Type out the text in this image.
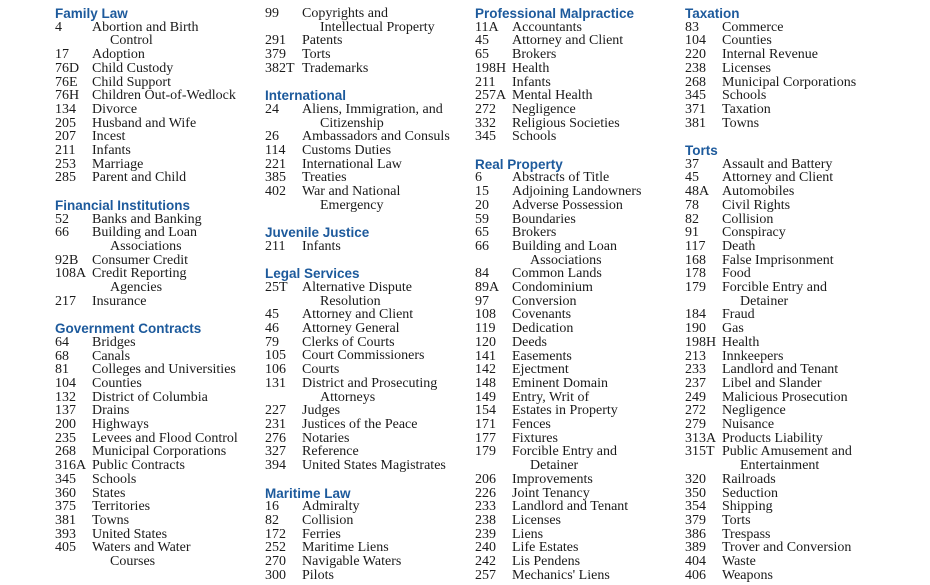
Family Law
4	Abortion and Birth
Control
17	Adoption
76D Child Custody
76E	Child Support
76H Children Out-of-Wedlock
134	Divorce
205	Husband and Wife
207	Incest
211	Infants
253	Marriage
285	Parent and Child
Financial Institutions
52	Banks and Banking
66	Building and Loan
Associations
92B Consumer Credit
108A Credit Reporting
Agencies
217	Insurance
Government Contracts
64	Bridges
68	Canals
81	Colleges and Universities
104	Counties
132	District of Columbia
137	Drains
200	Highways
235	Levees and Flood Control
268	Municipal Corporations
316A Public Contracts
345	Schools
360	States
375	Territories
381	Towns
393	United States
405	Waters and Water
Courses
99	Copyrights and
Intellectual Property
291	Patents
379	Torts
382T Trademarks
International
24	Aliens, Immigration, and
Citizenship
26	Ambassadors and Consuls
114	Customs Duties
221	International Law
385	Treaties
402	War and National
Emergency
Juvenile Justice
211	Infants
Legal Services
25T	Alternative Dispute
Resolution
45	Attorney and Client
46	Attorney General
79	Clerks of Courts
105	Court Commissioners
106	Courts
131	District and Prosecuting
Attorneys
227	Judges
231	Justices of the Peace
276	Notaries
327	Reference
394	United States Magistrates
Maritime Law
16	Admiralty
82	Collision
172	Ferries
252	Maritime Liens
270	Navigable Waters
300	Pilots
Professional Malpractice
11A Accountants
45	Attorney and Client
65	Brokers
198H Health
211	Infants
257A Mental Health
272	Negligence
332	Religious Societies
345	Schools
Real Property
6	Abstracts of Title
15	Adjoining Landowners
20	Adverse Possession
59	Boundaries
65	Brokers
66	Building and Loan
Associations
84	Common Lands
89A Condominium
97	Conversion
108	Covenants
119	Dedication
120	Deeds
141	Easements
142	Ejectment
148	Eminent Domain
149	Entry, Writ of
154	Estates in Property
171	Fences
177	Fixtures
179	Forcible Entry and
Detainer
206	Improvements
226	Joint Tenancy
233	Landlord and Tenant
238	Licenses
239	Liens
240	Life Estates
242	Lis Pendens
257	Mechanics' Liens
Taxation
83	Commerce
104	Counties
220	Internal Revenue
238	Licenses
268	Municipal Corporations
345	Schools
371	Taxation
381	Towns
Torts
37	Assault and Battery
45	Attorney and Client
48A Automobiles
78	Civil Rights
82	Collision
91	Conspiracy
117	Death
168	False Imprisonment
178	Food
179	Forcible Entry and
Detainer
184	Fraud
190	Gas
198H Health
213	Innkeepers
233	Landlord and Tenant
237	Libel and Slander
249	Malicious Prosecution
272	Negligence
279	Nuisance
313A Products Liability
315T Public Amusement and
Entertainment
320	Railroads
350	Seduction
354	Shipping
379	Torts
386	Trespass
389	Trover and Conversion
404	Waste
406	Weapons
